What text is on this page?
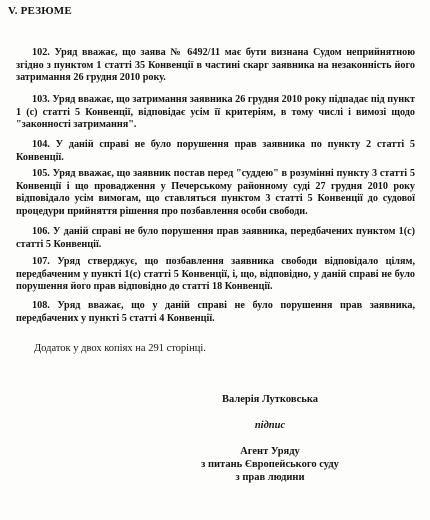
V. РЕЗЮМЕ

102. Уряд вважає, що заява № 6492/11 має бути визнана Судом неприйнятною згідно з пунктом 1 статті 35 Конвенції в частині скарг заявника на незаконність його затримання 26 грудня 2010 року.

103. Уряд вважає, що затримання заявника 26 грудня 2010 року підпадає під пункт 1 (с) статті 5 Конвенції, відповідає усім її критеріям, в тому числі і вимозі щодо "законності затримання".

104. У даній справі не було порушення прав заявника по пункту 2 статті 5 Конвенції.

105. Уряд вважає, що заявник постав перед "суддею" в розумінні пункту 3 статті 5 Конвенції і що провадження у Печерському районному суді 27 грудня 2010 року відповідало усім вимогам, що ставляться пунктом 3 статті 5 Конвенції до судової процедури прийняття рішення про позбавлення особи свободи.

106. У даній справі не було порушення прав заявника, передбачених пунктом 1(с) статті 5 Конвенції.

107. Уряд стверджує, що позбавлення заявника свободи відповідало цілям, передбаченим у пункті 1(с) статті 5 Конвенції, і, що, відповідно, у даній справі не було порушення його прав відповідно до статті 18 Конвенції.

108. Уряд вважає, що у даній справі не було порушення прав заявника, передбачених у пункті 5 статті 4 Конвенції.

Додаток у двох копіях на 291 сторінці.

Валерія Лутковська

підпис

Агент Уряду

з питань Європейського суду

з прав людини
